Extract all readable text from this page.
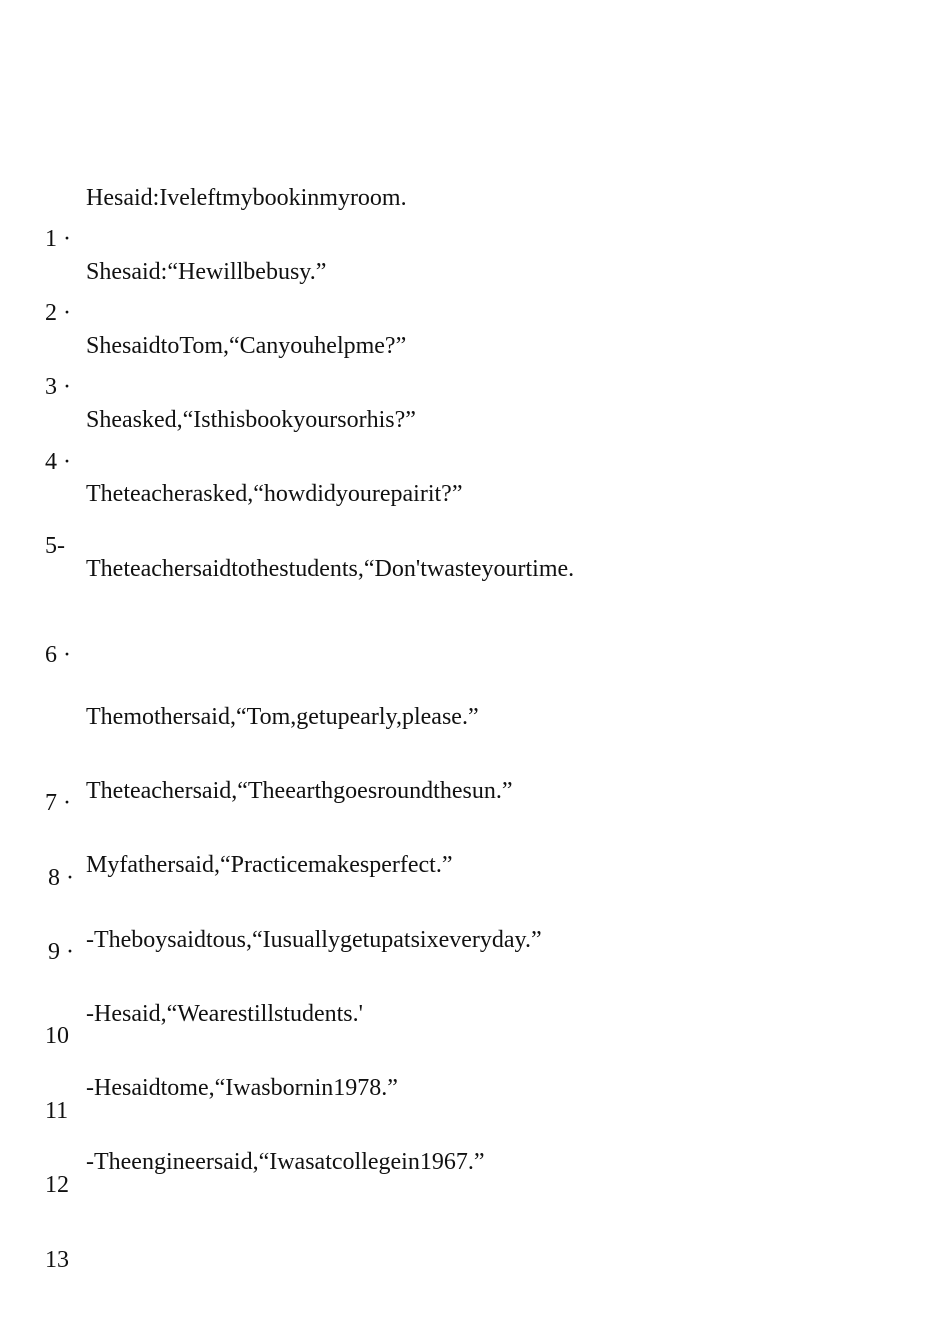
Hesaid:Iveleftmybookinmyroom.
Shesaid:“Hewillbebusy.”
ShesaidtoTom,“Canyouhelpme?”
Sheasked,“Isthisbookyoursorhis?”
Theteacherasked,“howdidyourepairit?”
Theteachersaidtothestudents,“Don'twasteyourtime.
Themothersaid,“Tom,getupearly,please.”
Theteachersaid,“Theearthgoesroundthesun.”
Myfathersaid,“Practicemakesperfect.”
-Theboysaidtous,“Iusuallygetupatsixeveryday.”
-Hesaid,“Wearestillstudents.'
-Hesaidtome,“Iwasbornin1978.”
-Theengineersaid,“Iwasatcollegein1967.”
1 ·
2 ·
3 ·
4 ·
5-
6 ·
7 ·
8 ·
9 ·
10
11
12
13
